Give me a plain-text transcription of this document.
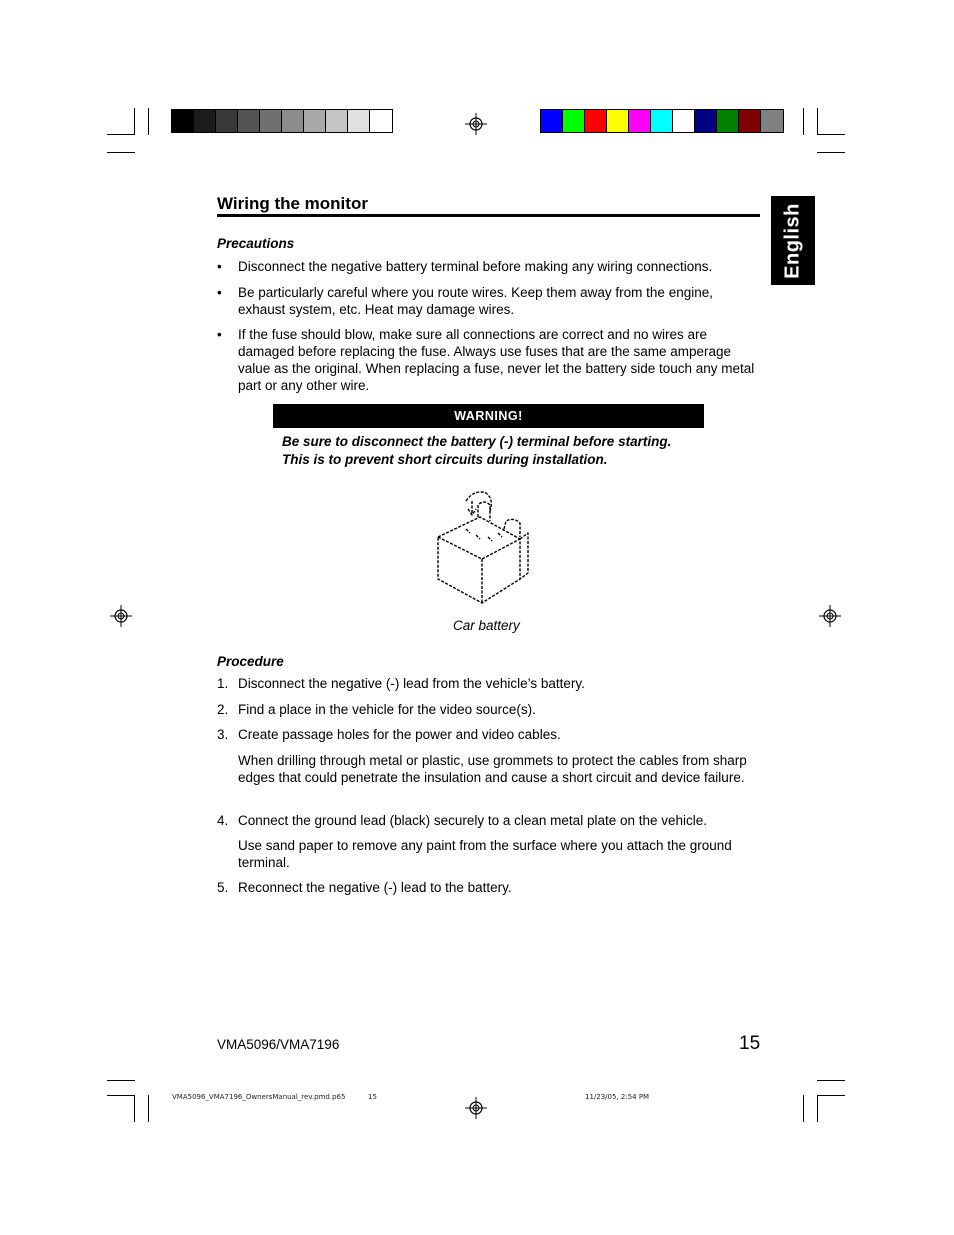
Wiring the monitor	English
Precautions
• Disconnect the negative battery terminal before making any wiring connections.
• Be particularly careful where you route wires. Keep them away from the engine, exhaust system, etc. Heat may damage wires.
• If the fuse should blow, make sure all connections are correct and no wires are damaged before replacing the fuse. Always use fuses that are the same amperage value as the original. When replacing a fuse, never let the battery side touch any metal part or any other wire.
WARNING!
Be sure to disconnect the battery (-) terminal before starting.
This is to prevent short circuits during installation.
Car battery
Procedure
1. Disconnect the negative (-) lead from the vehicle’s battery.
2. Find a place in the vehicle for the video source(s).
3. Create passage holes for the power and video cables.
When drilling through metal or plastic, use grommets to protect the cables from sharp edges that could penetrate the insulation and cause a short circuit and device failure.
4. Connect the ground lead (black) securely to a clean metal plate on the vehicle.
Use sand paper to remove any paint from the surface where you attach the ground terminal.
5. Reconnect the negative (-) lead to the battery.
VMA5096/VMA7196	15
VMA5096_VMA7196_OwnersManual_rev.pmd.p65	15	11/23/05, 2:54 PM
